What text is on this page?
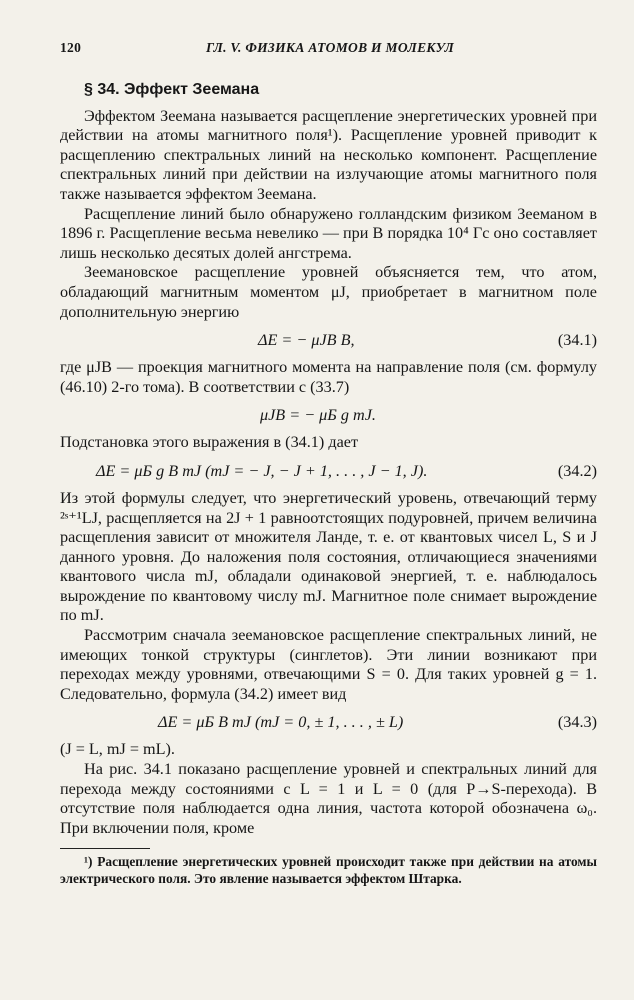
120	ГЛ. V. ФИЗИКА АТОМОВ И МОЛЕКУЛ
§ 34. Эффект Зеемана

Эффектом Зеемана называется расщепление энергетических уровней при действии на атомы магнитного поля¹). Расщепление уровней приводит к расщеплению спектральных линий на несколько компонент. Расщепление спектральных линий при действии на излучающие атомы магнитного поля также называется эффектом Зеемана.

Расщепление линий было обнаружено голландским физиком Зееманом в 1896 г. Расщепление весьма невелико — при B порядка 10⁴ Гс оно составляет лишь несколько десятых долей ангстрема.

Зеемановское расщепление уровней объясняется тем, что атом, обладающий магнитным моментом μJ, приобретает в магнитном поле дополнительную энергию

ΔE = − μJB B,	(34.1)

где μJB — проекция магнитного момента на направление поля (см. формулу (46.10) 2-го тома). В соответствии с (33.7)

μJB = − μБ g mJ.

Подстановка этого выражения в (34.1) дает

ΔE = μБ g B mJ (mJ = − J, − J + 1, . . . , J − 1, J).	(34.2)

Из этой формулы следует, что энергетический уровень, отвечающий терму ²ˢ⁺¹LJ, расщепляется на 2J + 1 равноотстоящих подуровней, причем величина расщепления зависит от множителя Ланде, т. е. от квантовых чисел L, S и J данного уровня. До наложения поля состояния, отличающиеся значениями квантового числа mJ, обладали одинаковой энергией, т. е. наблюдалось вырождение по квантовому числу mJ. Магнитное поле снимает вырождение по mJ.

Рассмотрим сначала зеемановское расщепление спектральных линий, не имеющих тонкой структуры (синглетов). Эти линии возникают при переходах между уровнями, отвечающими S = 0. Для таких уровней g = 1. Следовательно, формула (34.2) имеет вид

ΔE = μБ B mJ (mJ = 0, ± 1, . . . , ± L)	(34.3)

(J = L, mJ = mL).

На рис. 34.1 показано расщепление уровней и спектральных линий для перехода между состояниями с L = 1 и L = 0 (для P→S-перехода). В отсутствие поля наблюдается одна линия, частота которой обозначена ω₀. При включении поля, кроме

¹) Расщепление энергетических уровней происходит также при действии на атомы электрического поля. Это явление называется эффектом Штарка.
